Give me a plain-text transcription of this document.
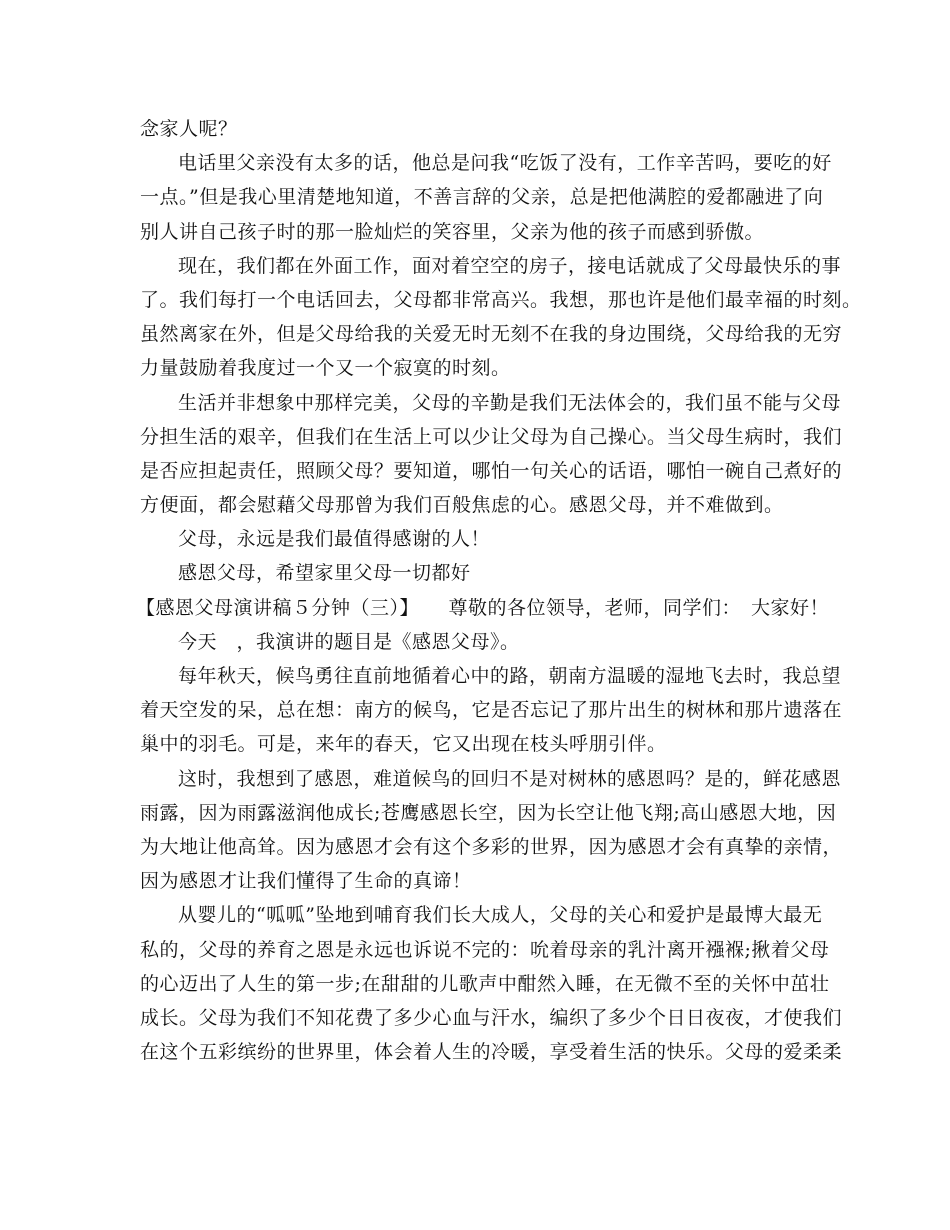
念家人呢？
电话里父亲没有太多的话，他总是问我“吃饭了没有，工作辛苦吗，要吃的好
一点。”但是我心里清楚地知道，不善言辞的父亲，总是把他满腔的爱都融进了向
别人讲自己孩子时的那一脸灿烂的笑容里，父亲为他的孩子而感到骄傲。
现在，我们都在外面工作，面对着空空的房子，接电话就成了父母最快乐的事
了。我们每打一个电话回去，父母都非常高兴。我想，那也许是他们最幸福的时刻。
虽然离家在外，但是父母给我的关爱无时无刻不在我的身边围绕，父母给我的无穷
力量鼓励着我度过一个又一个寂寞的时刻。
生活并非想象中那样完美，父母的辛勤是我们无法体会的，我们虽不能与父母
分担生活的艰辛，但我们在生活上可以少让父母为自己操心。当父母生病时，我们
是否应担起责任，照顾父母？要知道，哪怕一句关心的话语，哪怕一碗自己煮好的
方便面，都会慰藉父母那曾为我们百般焦虑的心。感恩父母，并不难做到。
父母，永远是我们最值得感谢的人！
感恩父母，希望家里父母一切都好
【感恩父母演讲稿５分钟（三）】　　尊敬的各位领导，老师，同学们：　大家好！
今天　，我演讲的题目是《感恩父母》。
每年秋天，候鸟勇往直前地循着心中的路，朝南方温暖的湿地飞去时，我总望
着天空发的呆，总在想：南方的候鸟，它是否忘记了那片出生的树林和那片遗落在
巢中的羽毛。可是，来年的春天，它又出现在枝头呼朋引伴。
这时，我想到了感恩，难道候鸟的回归不是对树林的感恩吗？是的，鲜花感恩
雨露，因为雨露滋润他成长;苍鹰感恩长空，因为长空让他飞翔;高山感恩大地，因
为大地让他高耸。因为感恩才会有这个多彩的世界，因为感恩才会有真挚的亲情，
因为感恩才让我们懂得了生命的真谛！
从婴儿的“呱呱”坠地到哺育我们长大成人，父母的关心和爱护是最博大最无
私的，父母的养育之恩是永远也诉说不完的：吮着母亲的乳汁离开襁褓;揪着父母
的心迈出了人生的第一步;在甜甜的儿歌声中酣然入睡，在无微不至的关怀中茁壮
成长。父母为我们不知花费了多少心血与汗水，编织了多少个日日夜夜，才使我们
在这个五彩缤纷的世界里，体会着人生的冷暖，享受着生活的快乐。父母的爱柔柔
